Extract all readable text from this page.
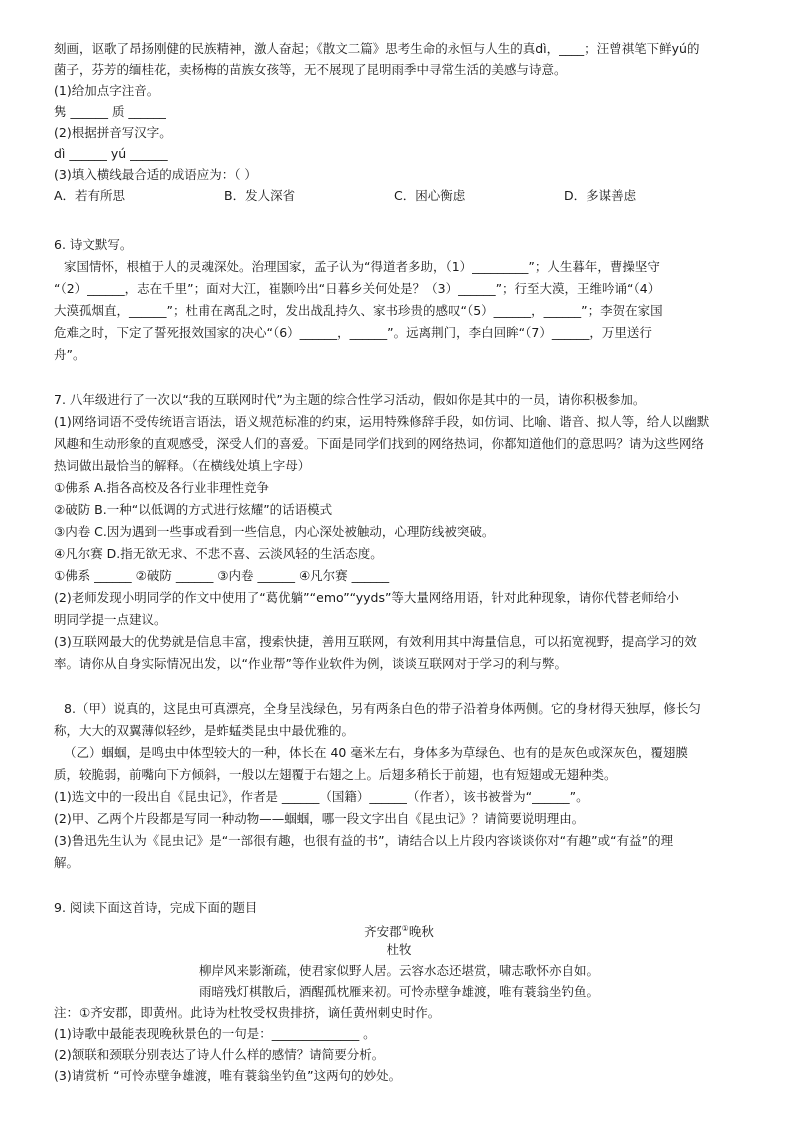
刻画，讴歌了昂扬刚健的民族精神，激人奋起；《散文二篇》思考生命的永恒与人生的真dì，____；汪曾祺笔下鲜yú的
菌子，芬芳的缅桂花，卖杨梅的苗族女孩等，无不展现了昆明雨季中寻常生活的美感与诗意。
(1)给加点字注音。
隽 ______ 质 ______
(2)根据拼音写汉字。
dì ______ yú ______
(3)填入横线最合适的成语应为：（ ）
A．若有所思	B．发人深省	C．困心衡虑	D．多谋善虑
6. 诗文默写。
家国情怀，根植于人的灵魂深处。治理国家，孟子认为“得道者多助，（1）_________”；人生暮年，曹操坚守
“（2）______，志在千里”；面对大江，崔颢吟出“日暮乡关何处是？（3）______”；行至大漠，王维吟诵“（4）
大漠孤烟直，______”；杜甫在离乱之时，发出战乱持久、家书珍贵的感叹“（5）______，______”；李贺在家国
危难之时，下定了誓死报效国家的决心“（6）______，______”。远离荆门，李白回眸“（7）______，万里送行
舟”。
7. 八年级进行了一次以“我的互联网时代”为主题的综合性学习活动，假如你是其中的一员，请你积极参加。
(1)网络词语不受传统语言语法，语义规范标准的约束，运用特殊修辞手段，如仿词、比喻、谐音、拟人等，给人以幽默
风趣和生动形象的直观感受，深受人们的喜爱。下面是同学们找到的网络热词，你都知道他们的意思吗？请为这些网络
热词做出最恰当的解释。（在横线处填上字母）
①佛系 A.指各高校及各行业非理性竞争
②破防 B.一种“以低调的方式进行炫耀”的话语模式
③内卷 C.因为遇到一些事或看到一些信息，内心深处被触动，心理防线被突破。
④凡尔赛 D.指无欲无求、不悲不喜、云淡风轻的生活态度。
①佛系 ______ ②破防 ______ ③内卷 ______ ④凡尔赛 ______
(2)老师发现小明同学的作文中使用了“葛优躺”“emo”“yyds”等大量网络用语，针对此种现象，请你代替老师给小
明同学提一点建议。
(3)互联网最大的优势就是信息丰富，搜索快捷，善用互联网，有效利用其中海量信息，可以拓宽视野，提高学习的效
率。请你从自身实际情况出发，以“作业帮”等作业软件为例，谈谈互联网对于学习的利与弊。
8.（甲）说真的，这昆虫可真漂亮，全身呈浅绿色，另有两条白色的带子沿着身体两侧。它的身材得天独厚，修长匀
称，大大的双翼薄似轻纱，是蚱蜢类昆虫中最优雅的。
（乙）蝈蝈，是鸣虫中体型较大的一种，体长在 40 毫米左右，身体多为草绿色、也有的是灰色或深灰色，覆翅膜
质，较脆弱，前嘴向下方倾斜，一般以左翅覆于右翅之上。后翅多稍长于前翅，也有短翅或无翅种类。
(1)选文中的一段出自《昆虫记》，作者是 ______（国籍）______（作者），该书被誉为“______”。
(2)甲、乙两个片段都是写同一种动物——蝈蝈，哪一段文字出自《昆虫记》？请简要说明理由。
(3)鲁迅先生认为《昆虫记》是“一部很有趣，也很有益的书”，请结合以上片段内容谈谈你对“有趣”或“有益”的理
解。
9. 阅读下面这首诗，完成下面的题目
齐安郡①晚秋
杜牧
柳岸风来影渐疏，使君家似野人居。云容水态还堪赏，啸志歌怀亦自如。
雨暗残灯棋散后，酒醒孤枕雁来初。可怜赤壁争雄渡，唯有蓑翁坐钓鱼。
注：①齐安郡，即黄州。此诗为杜牧受权贵排挤，谪任黄州刺史时作。
(1)诗歌中最能表现晚秋景色的一句是：______________ 。
(2)颔联和颈联分别表达了诗人什么样的感情？请简要分析。
(3)请赏析 “可怜赤壁争雄渡，唯有蓑翁坐钓鱼”这两句的妙处。
